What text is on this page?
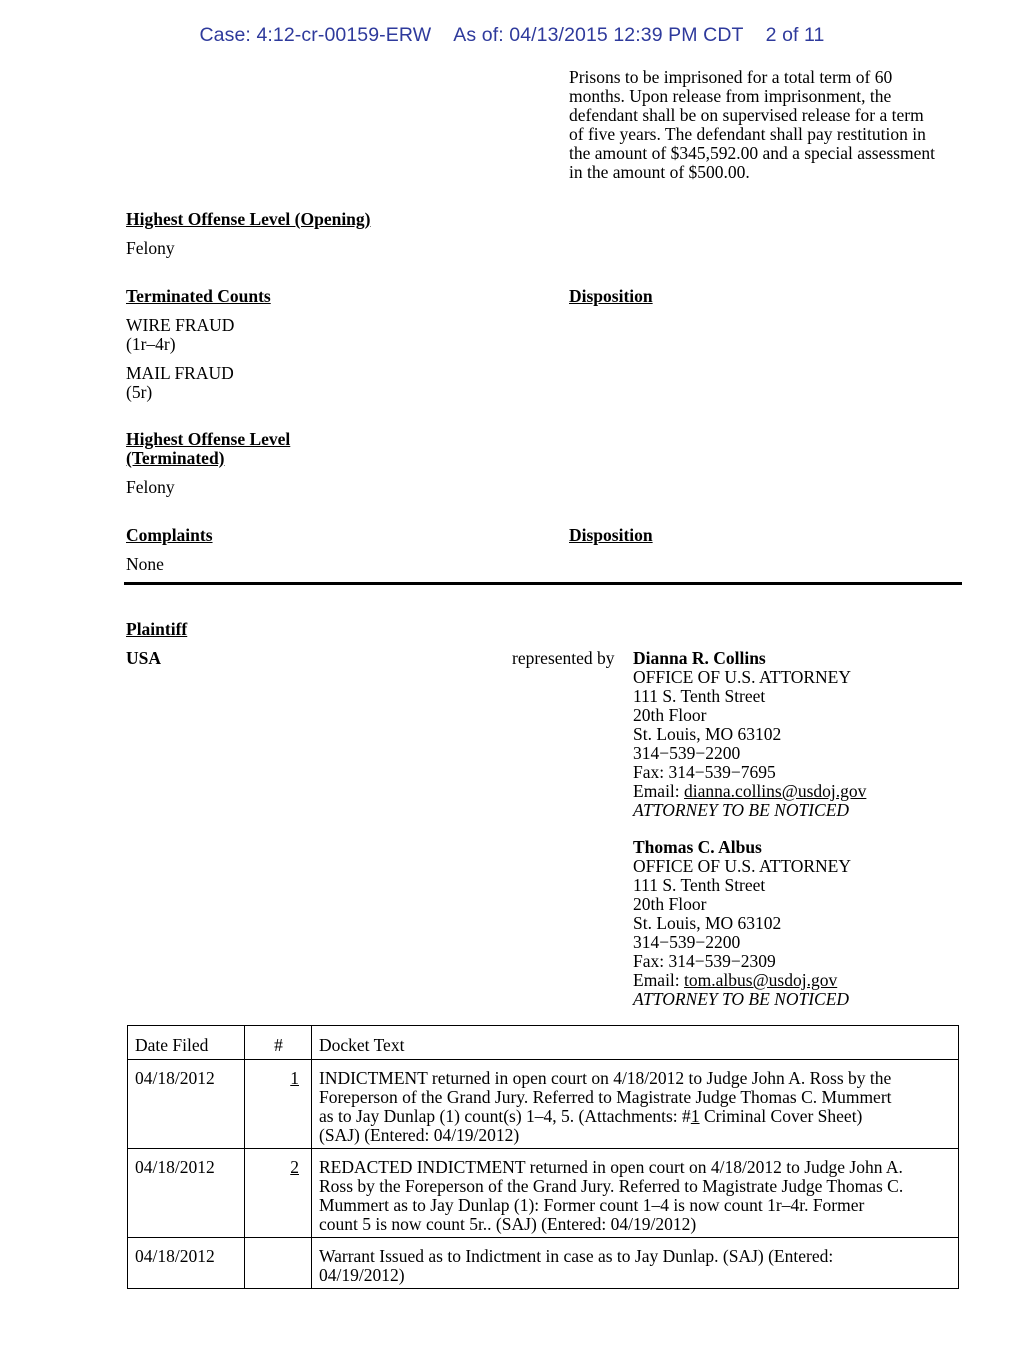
Case: 4:12-cr-00159-ERW As of: 04/13/2015 12:39 PM CDT 2 of 11
Prisons to be imprisoned for a total term of 60
months. Upon release from imprisonment, the
defendant shall be on supervised release for a term
of five years. The defendant shall pay restitution in
the amount of $345,592.00 and a special assessment
in the amount of $500.00.
Highest Offense Level (Opening)
Felony
Terminated Counts	Disposition
WIRE FRAUD
(1r–4r)
MAIL FRAUD
(5r)
Highest Offense Level
(Terminated)
Felony
Complaints	Disposition
None
Plaintiff
USA	represented by Dianna R. Collins
OFFICE OF U.S. ATTORNEY
111 S. Tenth Street
20th Floor
St. Louis, MO 63102
314−539−2200
Fax: 314−539−7695
Email: dianna.collins@usdoj.gov
ATTORNEY TO BE NOTICED
Thomas C. Albus
OFFICE OF U.S. ATTORNEY
111 S. Tenth Street
20th Floor
St. Louis, MO 63102
314−539−2200
Fax: 314−539−2309
Email: tom.albus@usdoj.gov
ATTORNEY TO BE NOTICED
Date Filed	#	Docket Text
04/18/2012	1	INDICTMENT returned in open court on 4/18/2012 to Judge John A. Ross by the
Foreperson of the Grand Jury. Referred to Magistrate Judge Thomas C. Mummert
as to Jay Dunlap (1) count(s) 1–4, 5. (Attachments: #1 Criminal Cover Sheet)
(SAJ) (Entered: 04/19/2012)

04/18/2012	2	REDACTED INDICTMENT returned in open court on 4/18/2012 to Judge John A.
Ross by the Foreperson of the Grand Jury. Referred to Magistrate Judge Thomas C.
Mummert as to Jay Dunlap (1): Former count 1–4 is now count 1r–4r. Former
count 5 is now count 5r.. (SAJ) (Entered: 04/19/2012)

04/18/2012		Warrant Issued as to Indictment in case as to Jay Dunlap. (SAJ) (Entered:
04/19/2012)
